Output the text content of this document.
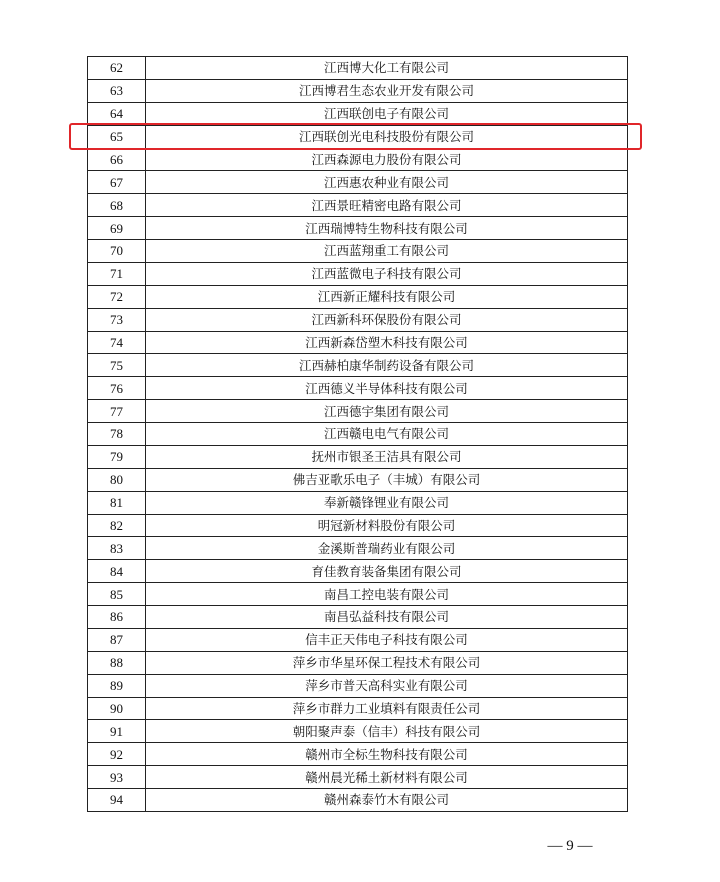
62	江西博大化工有限公司
63	江西博君生态农业开发有限公司
64	江西联创电子有限公司
65	江西联创光电科技股份有限公司
66	江西森源电力股份有限公司
67	江西惠农种业有限公司
68	江西景旺精密电路有限公司
69	江西瑞博特生物科技有限公司
70	江西蓝翔重工有限公司
71	江西蓝微电子科技有限公司
72	江西新正耀科技有限公司
73	江西新科环保股份有限公司
74	江西新森岱塑木科技有限公司
75	江西赫柏康华制药设备有限公司
76	江西德义半导体科技有限公司
77	江西德宇集团有限公司
78	江西赣电电气有限公司
79	抚州市银圣王洁具有限公司
80	佛吉亚歌乐电子（丰城）有限公司
81	奉新赣锋锂业有限公司
82	明冠新材料股份有限公司
83	金溪斯普瑞药业有限公司
84	育佳教育装备集团有限公司
85	南昌工控电装有限公司
86	南昌弘益科技有限公司
87	信丰正天伟电子科技有限公司
88	萍乡市华星环保工程技术有限公司
89	萍乡市普天高科实业有限公司
90	萍乡市群力工业填料有限责任公司
91	朝阳聚声泰（信丰）科技有限公司
92	赣州市全标生物科技有限公司
93	赣州晨光稀土新材料有限公司
94	赣州森泰竹木有限公司
— 9 —
